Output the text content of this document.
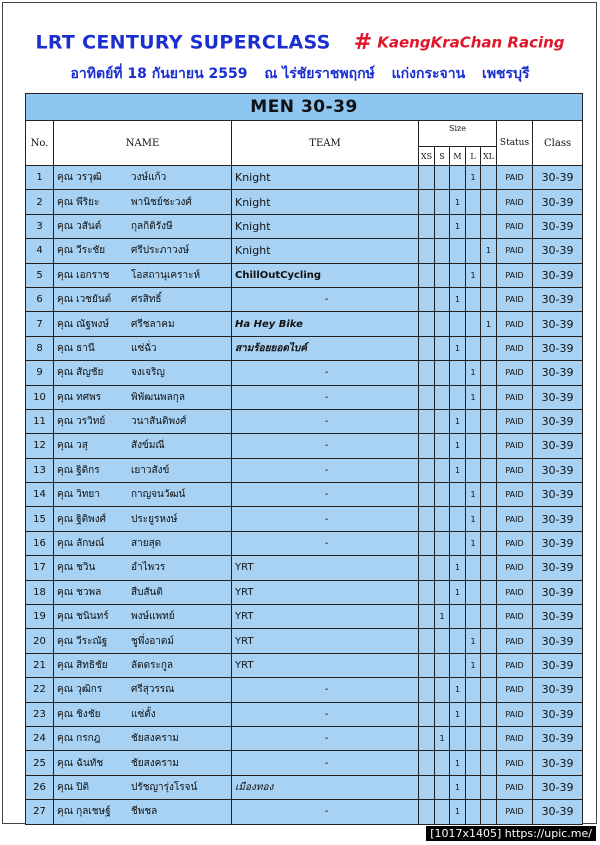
LRT CENTURY SUPERCLASS # KaengKraChan Racing
อาทิตย์ที่ 18 กันยายน 2559 ณ ไร่ชัยราชพฤกษ์ แก่งกระจาน เพชรบุรี
MEN 30-39									
No.	NAME	TEAM	Size					Status	Class
			XS	S	M	L	XL		
1	คุณ วรวุฒิ วงษ์แก้ว	Knight				1		PAID	30-39
2	คุณ พีริยะ พานิชย์ชะวงศ์	Knight			1			PAID	30-39
3	คุณ วสันต์ กุลกิติรังษี	Knight			1			PAID	30-39
4	คุณ วีระชัย ศรีประภาวงษ์	Knight					1	PAID	30-39
5	คุณ เอกราช โอสถานุเคราะห์	ChillOutCycling				1		PAID	30-39
6	คุณ เวชยันต์ ศรสิทธิ์	-			1			PAID	30-39
7	คุณ ณัฐพงษ์ ศรีชลาคม	Ha Hey Bike					1	PAID	30-39
8	คุณ ธานี แซ่ฉั่ว	สามร้อยยอดไบค์			1			PAID	30-39
9	คุณ สัญชัย จงเจริญ	-				1		PAID	30-39
10	คุณ ทศพร พิพัฒนพลกุล	-				1		PAID	30-39
11	คุณ วรวิทย์ วนาสันติพงศ์	-			1			PAID	30-39
12	คุณ วสุ สังข์มณี	-			1			PAID	30-39
13	คุณ ฐิติกร เยาวสังข์	-			1			PAID	30-39
14	คุณ วิทยา กาญจนวัฒน์	-				1		PAID	30-39
15	คุณ ฐิติพงศ์ ประยูรหงษ์	-				1		PAID	30-39
16	คุณ ลักษณ์ สายสุด	-				1		PAID	30-39
17	คุณ ชวิน อำไพวร	YRT			1			PAID	30-39
18	คุณ ชวพล สืบสันติ	YRT			1			PAID	30-39
19	คุณ ชนินทร์ พงษ์แพทย์	YRT		1				PAID	30-39
20	คุณ วีระณัฐ ชูพึ่งอาตม์	YRT				1		PAID	30-39
21	คุณ สิทธิชัย ลัดดระกูล	YRT				1		PAID	30-39
22	คุณ วุฒิกร ศรีสุวรรณ	-			1			PAID	30-39
23	คุณ ชิงชัย แซ่ตั้ง	-			1			PAID	30-39
24	คุณ กรกฎ ชัยสงคราม	-		1				PAID	30-39
25	คุณ ฉันทัช ชัยสงคราม	-			1			PAID	30-39
26	คุณ ปิติ ปรัชญารุ่งโรจน์	เมืองทอง			1			PAID	30-39
27	คุณ กุลเชษฐ์ ชีพชล	-			1			PAID	30-39
[1017x1405] https://upic.me/
